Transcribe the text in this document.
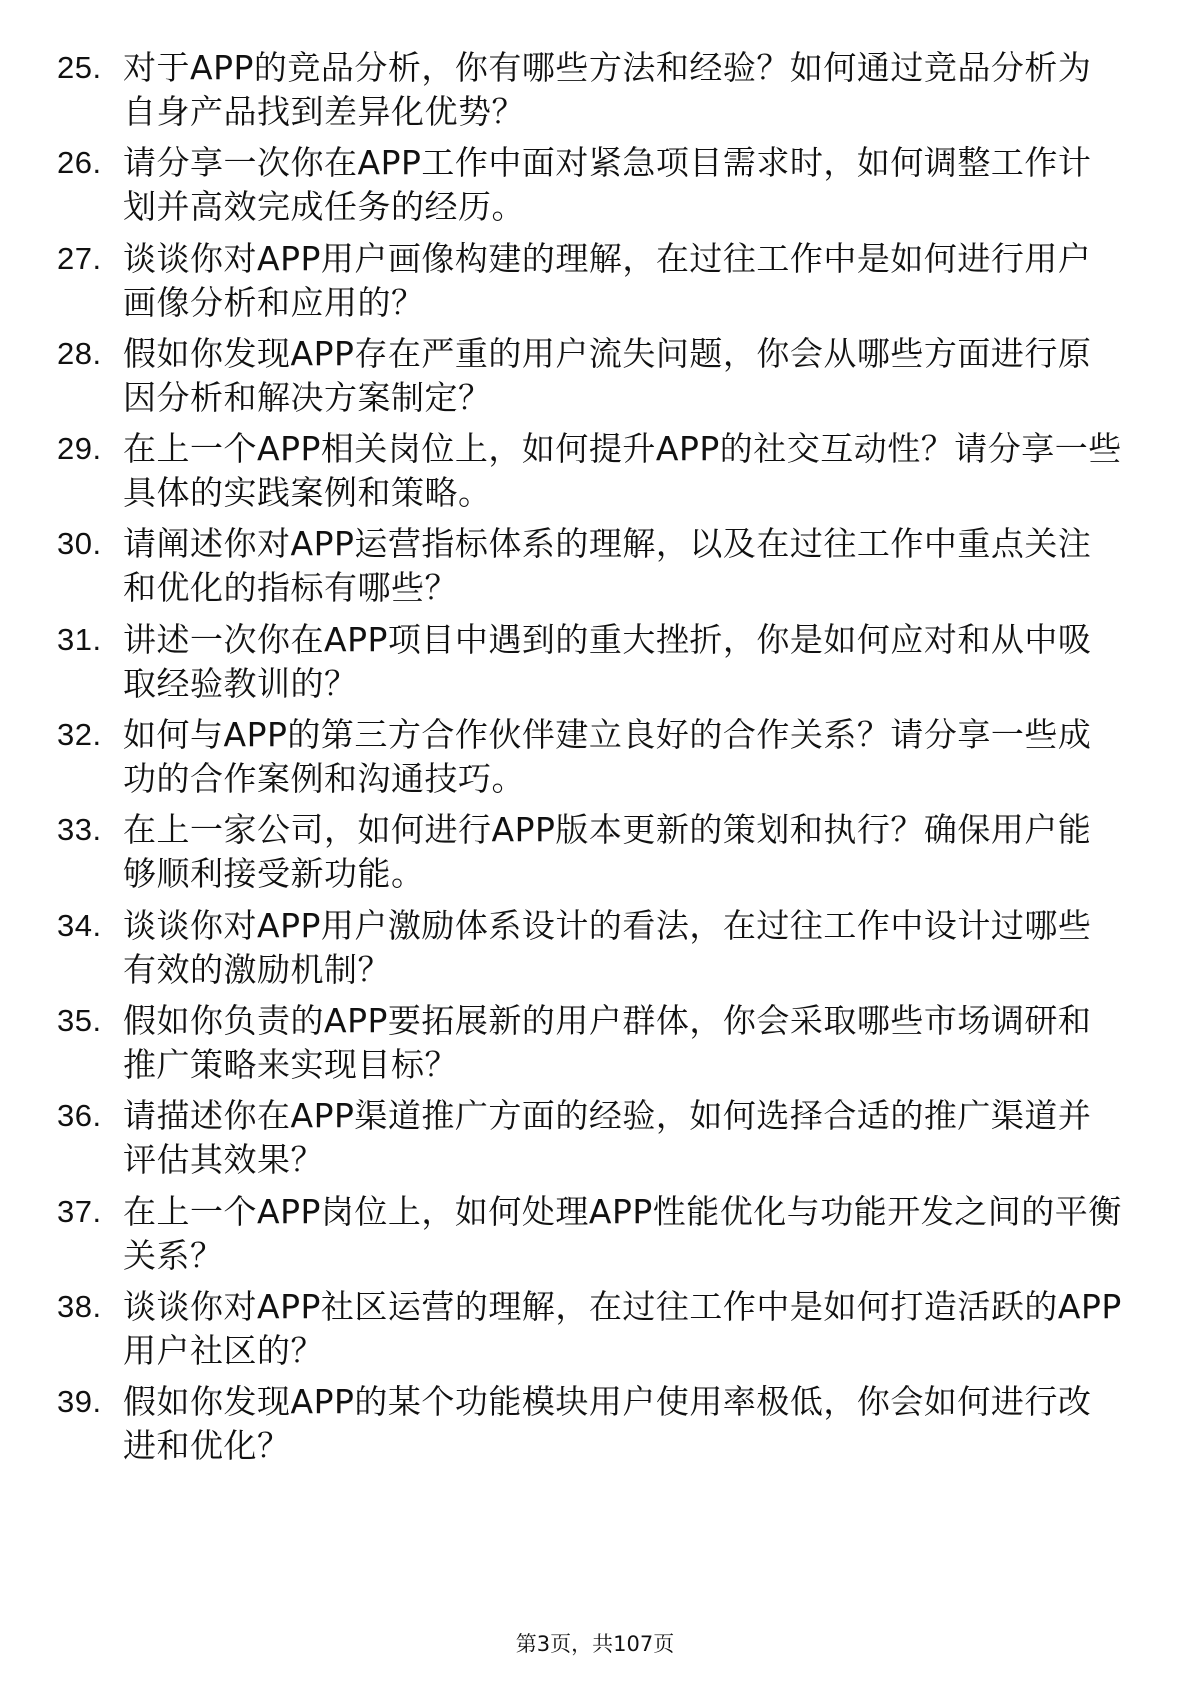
25. 对于APP的竞品分析，你有哪些方法和经验？如何通过竞品分析为自身产品找到差异化优势？
26. 请分享一次你在APP工作中面对紧急项目需求时，如何调整工作计划并高效完成任务的经历。
27. 谈谈你对APP用户画像构建的理解，在过往工作中是如何进行用户画像分析和应用的？
28. 假如你发现APP存在严重的用户流失问题，你会从哪些方面进行原因分析和解决方案制定？
29. 在上一个APP相关岗位上，如何提升APP的社交互动性？请分享一些具体的实践案例和策略。
30. 请阐述你对APP运营指标体系的理解，以及在过往工作中重点关注和优化的指标有哪些？
31. 讲述一次你在APP项目中遇到的重大挫折，你是如何应对和从中吸取经验教训的？
32. 如何与APP的第三方合作伙伴建立良好的合作关系？请分享一些成功的合作案例和沟通技巧。
33. 在上一家公司，如何进行APP版本更新的策划和执行？确保用户能够顺利接受新功能。
34. 谈谈你对APP用户激励体系设计的看法，在过往工作中设计过哪些有效的激励机制？
35. 假如你负责的APP要拓展新的用户群体，你会采取哪些市场调研和推广策略来实现目标？
36. 请描述你在APP渠道推广方面的经验，如何选择合适的推广渠道并评估其效果？
37. 在上一个APP岗位上，如何处理APP性能优化与功能开发之间的平衡关系？
38. 谈谈你对APP社区运营的理解，在过往工作中是如何打造活跃的APP用户社区的？
39. 假如你发现APP的某个功能模块用户使用率极低，你会如何进行改进和优化？
第3页，共107页
